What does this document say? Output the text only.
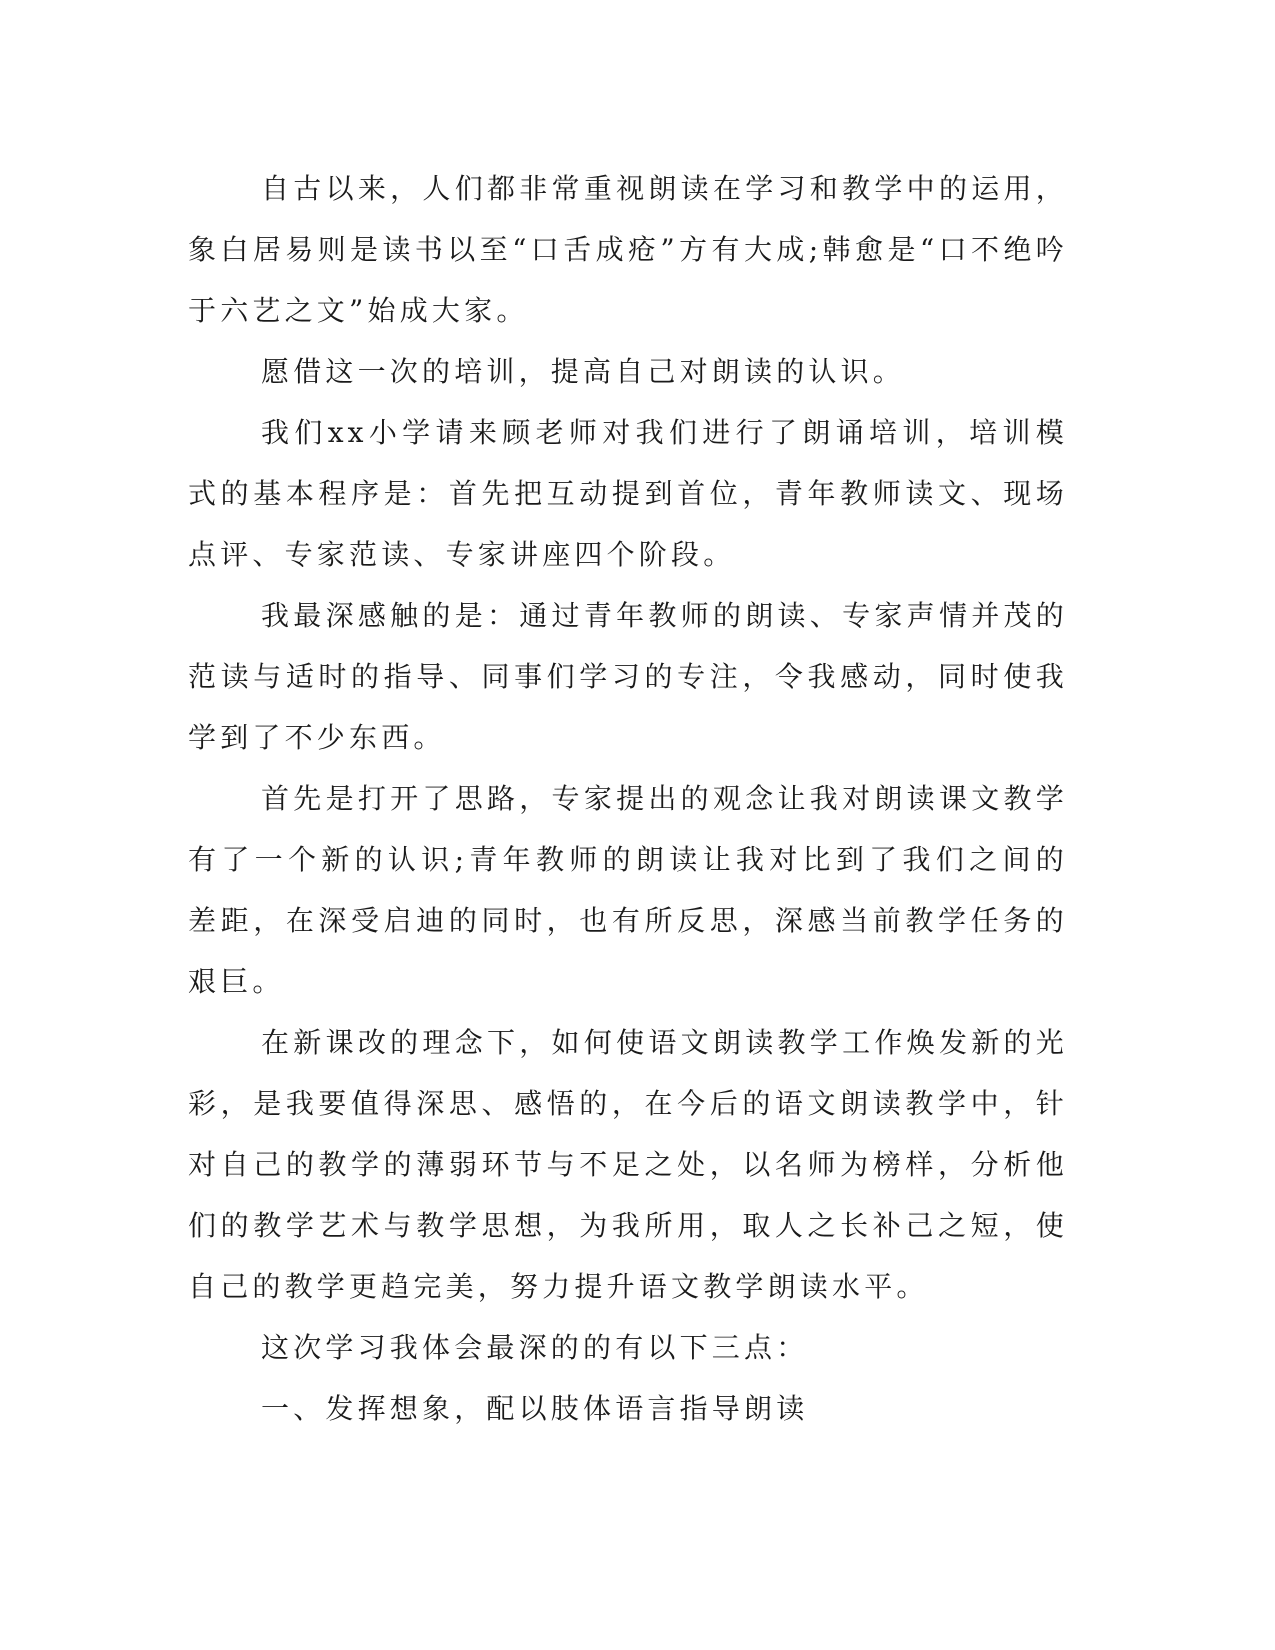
自古以来，人们都非常重视朗读在学习和教学中的运用，象白居易则是读书以至“口舌成疮”方有大成;韩愈是“口不绝吟于六艺之文”始成大家。

愿借这一次的培训，提高自己对朗读的认识。

我们xx小学请来顾老师对我们进行了朗诵培训，培训模式的基本程序是：首先把互动提到首位，青年教师读文、现场点评、专家范读、专家讲座四个阶段。

我最深感触的是：通过青年教师的朗读、专家声情并茂的范读与适时的指导、同事们学习的专注，令我感动，同时使我学到了不少东西。

首先是打开了思路，专家提出的观念让我对朗读课文教学有了一个新的认识;青年教师的朗读让我对比到了我们之间的差距，在深受启迪的同时，也有所反思，深感当前教学任务的艰巨。

在新课改的理念下，如何使语文朗读教学工作焕发新的光彩，是我要值得深思、感悟的，在今后的语文朗读教学中，针对自己的教学的薄弱环节与不足之处，以名师为榜样，分析他们的教学艺术与教学思想，为我所用，取人之长补己之短，使自己的教学更趋完美，努力提升语文教学朗读水平。

这次学习我体会最深的的有以下三点：

一、发挥想象，配以肢体语言指导朗读
